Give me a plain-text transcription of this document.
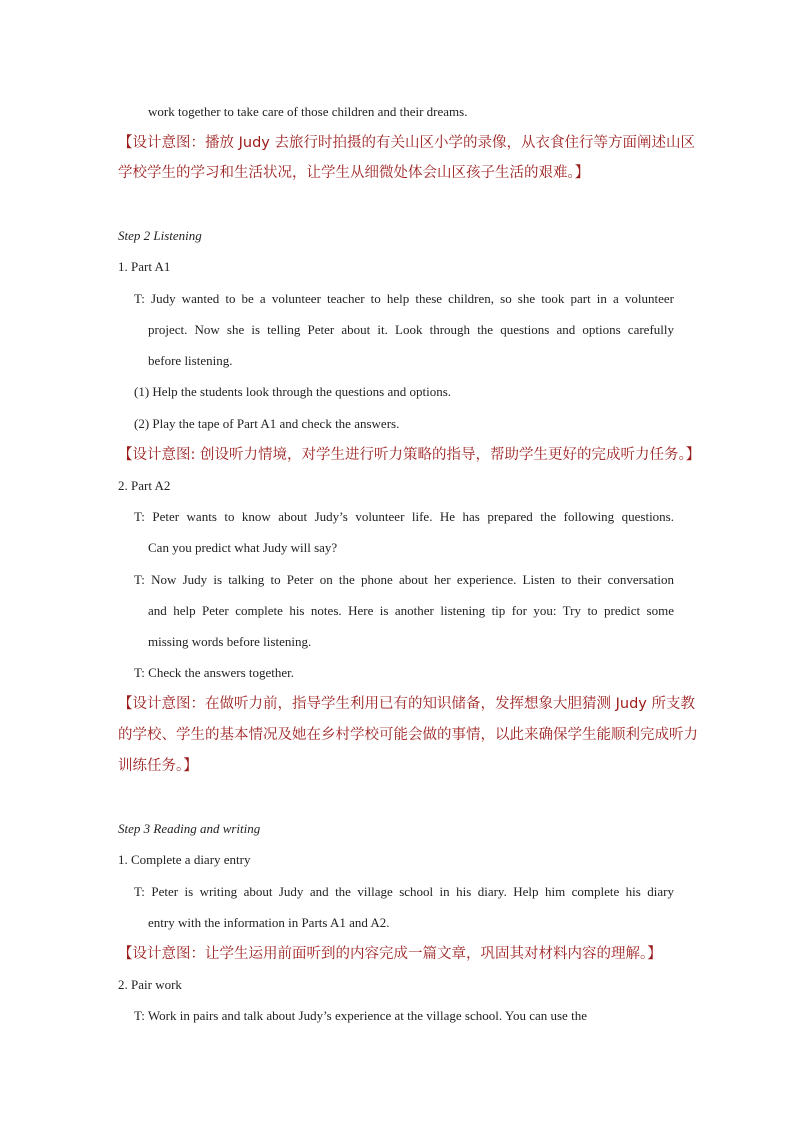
work together to take care of those children and their dreams.
【设计意图：播放 Judy 去旅行时拍摄的有关山区小学的录像，从衣食住行等方面阐述山区
学校学生的学习和生活状况，让学生从细微处体会山区孩子生活的艰难。】
Step 2 Listening
1. Part A1
T: Judy wanted to be a volunteer teacher to help these children, so she took part in a volunteer
project. Now she is telling Peter about it. Look through the questions and options carefully
before listening.
(1) Help the students look through the questions and options.
(2) Play the tape of Part A1 and check the answers.
【设计意图: 创设听力情境，对学生进行听力策略的指导，帮助学生更好的完成听力任务。】
2. Part A2
T: Peter wants to know about Judy’s volunteer life. He has prepared the following questions.
Can you predict what Judy will say?
T: Now Judy is talking to Peter on the phone about her experience. Listen to their conversation
and help Peter complete his notes. Here is another listening tip for you: Try to predict some
missing words before listening.
T: Check the answers together.
【设计意图：在做听力前，指导学生利用已有的知识储备，发挥想象大胆猜测 Judy 所支教
的学校、学生的基本情况及她在乡村学校可能会做的事情，以此来确保学生能顺利完成听力
训练任务。】
Step 3 Reading and writing
1. Complete a diary entry
T: Peter is writing about Judy and the village school in his diary. Help him complete his diary
entry with the information in Parts A1 and A2.
【设计意图：让学生运用前面听到的内容完成一篇文章，巩固其对材料内容的理解。】
2. Pair work
T: Work in pairs and talk about Judy’s experience at the village school. You can use the
